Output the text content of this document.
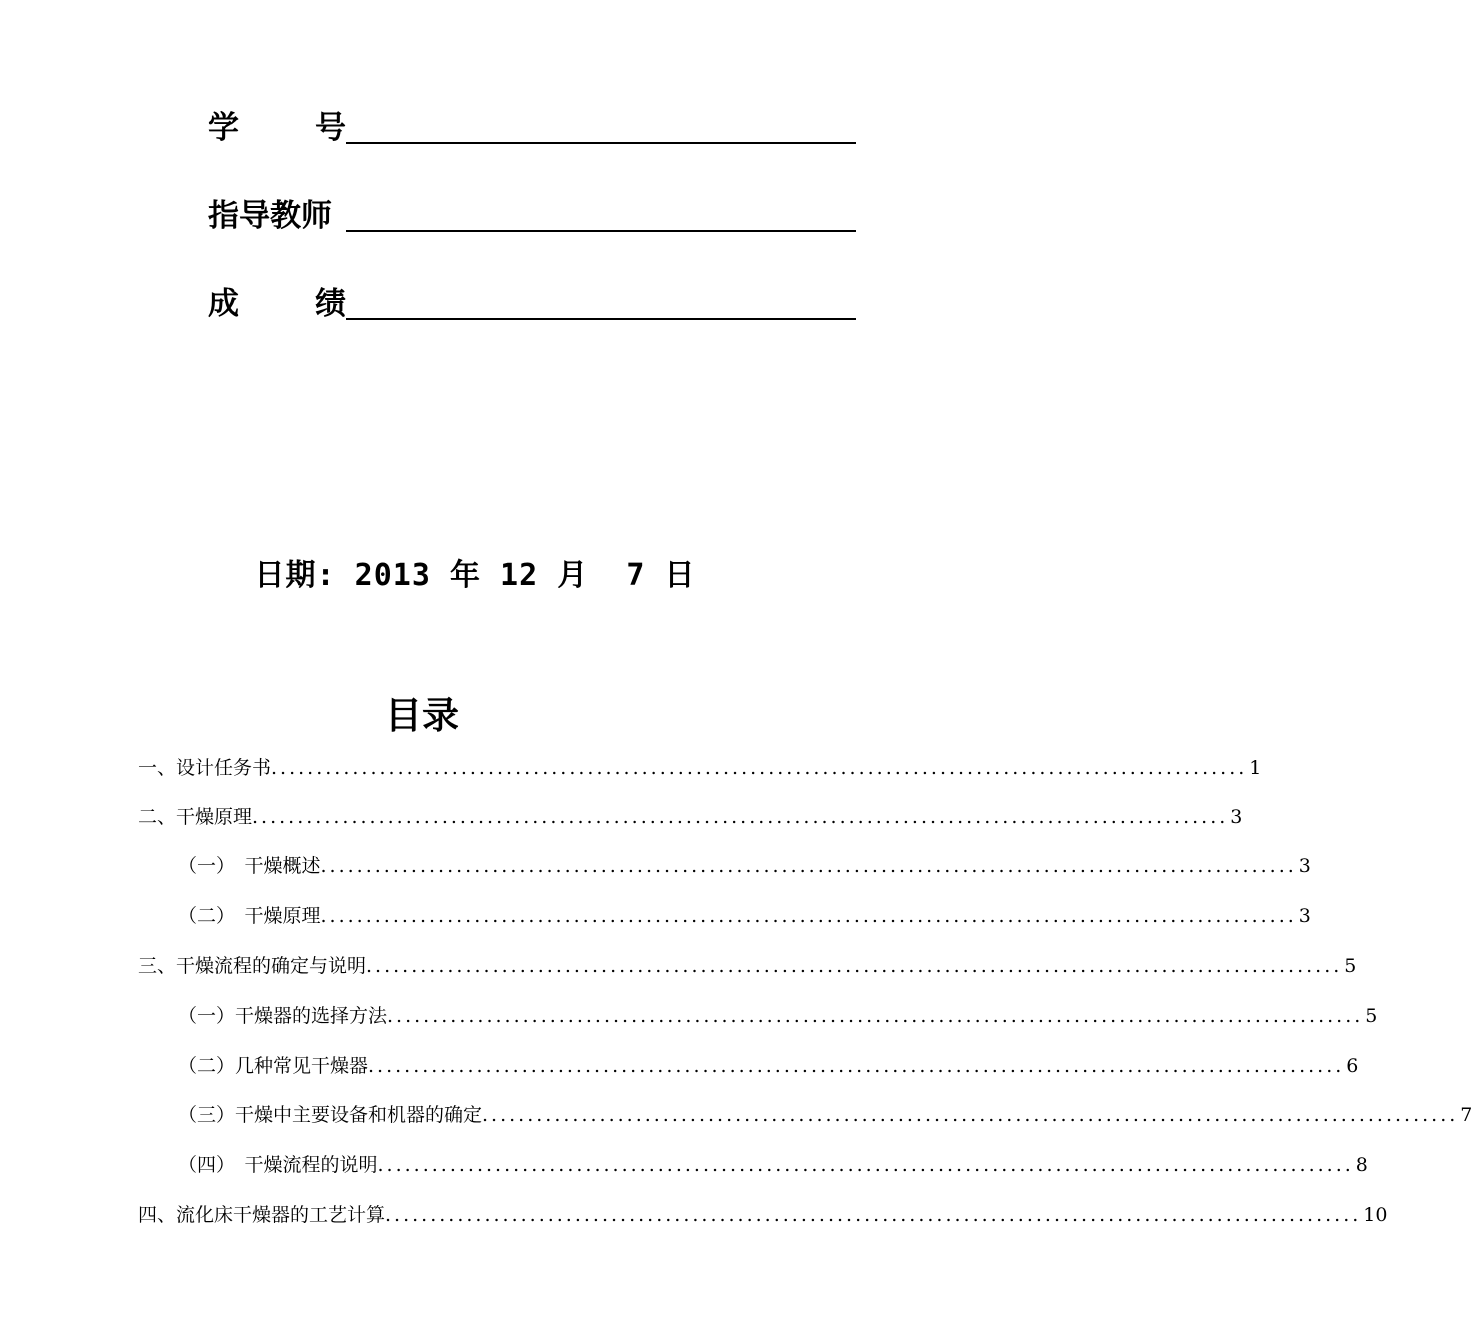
学 号
指导教师
成 绩
日期: 2013 年 12 月  7 日
目录
一、设计任务书 ............................................................................................................ 1
二、干燥原理 ............................................................................................................ 3
（一）　干燥概述 ............................................................................................................ 3
（二）　干燥原理 ............................................................................................................ 3
三、干燥流程的确定与说明 ............................................................................................................ 5
（一）干燥器的选择方法 ............................................................................................................ 5
（二）几种常见干燥器 ............................................................................................................ 6
（三）干燥中主要设备和机器的确定 ............................................................................................................ 7
（四）　干燥流程的说明 ............................................................................................................ 8
四、流化床干燥器的工艺计算 ............................................................................................................ 10
